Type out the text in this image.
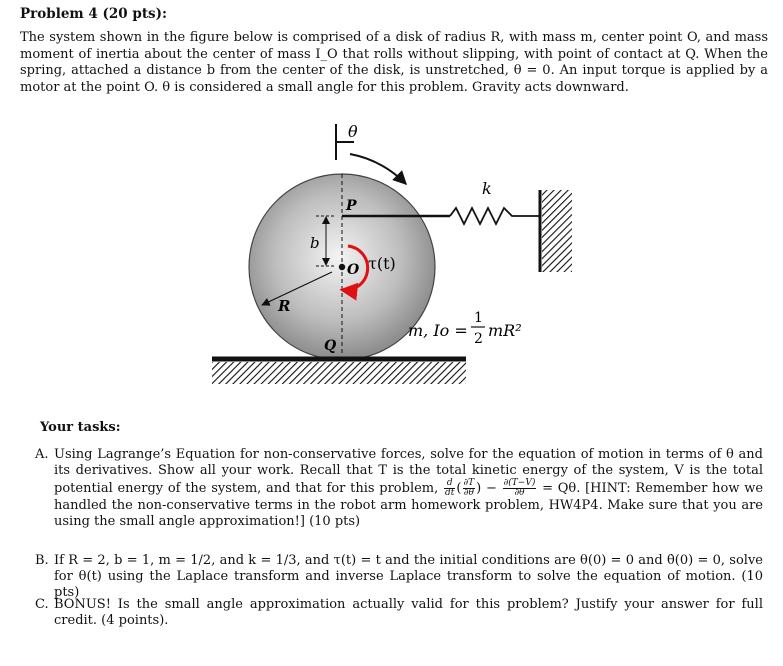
Problem 4 (20 pts):
The system shown in the figure below is comprised of a disk of radius R, with mass m, center point O, and mass moment of inertia about the center of mass I_O that rolls without slipping, with point of contact at Q. When the spring, attached a distance b from the center of the disk, is unstretched, θ = 0. An input torque is applied by a motor at the point O. θ is considered a small angle for this problem. Gravity acts downward.
θ
k
P
b
O τ(t)
R
Q
m, Io =
1
2 mR²
Your tasks:
A. Using Lagrange’s Equation for non-conservative forces, solve for the equation of motion in terms of θ and its derivatives. Show all your work. Recall that T is the total kinetic energy of the system, V is the total potential energy of the system, and that for this problem, $\frac{d}{dt}$ ( $\frac{\partial T}{\partial\thetȧ}$ ) − $\frac{\partial(T-V)}{\partial\theta} = Q\theta$. [HINT: Remember how we handled the non-conservative terms in the robot arm homework problem, HW4P4. Make sure that you are using the small angle approximation!] (10 pts)
B. If R = 2, b = 1, m = 1/2, and k = 1/3, and τ(t) = t and the initial conditions are θ(0) = 0 and θ̇(0) = 0, solve for θ(t) using the Laplace transform and inverse Laplace transform to solve the equation of motion. (10 pts)
C. BONUS! Is the small angle approximation actually valid for this problem? Justify your answer for full credit. (4 points).
